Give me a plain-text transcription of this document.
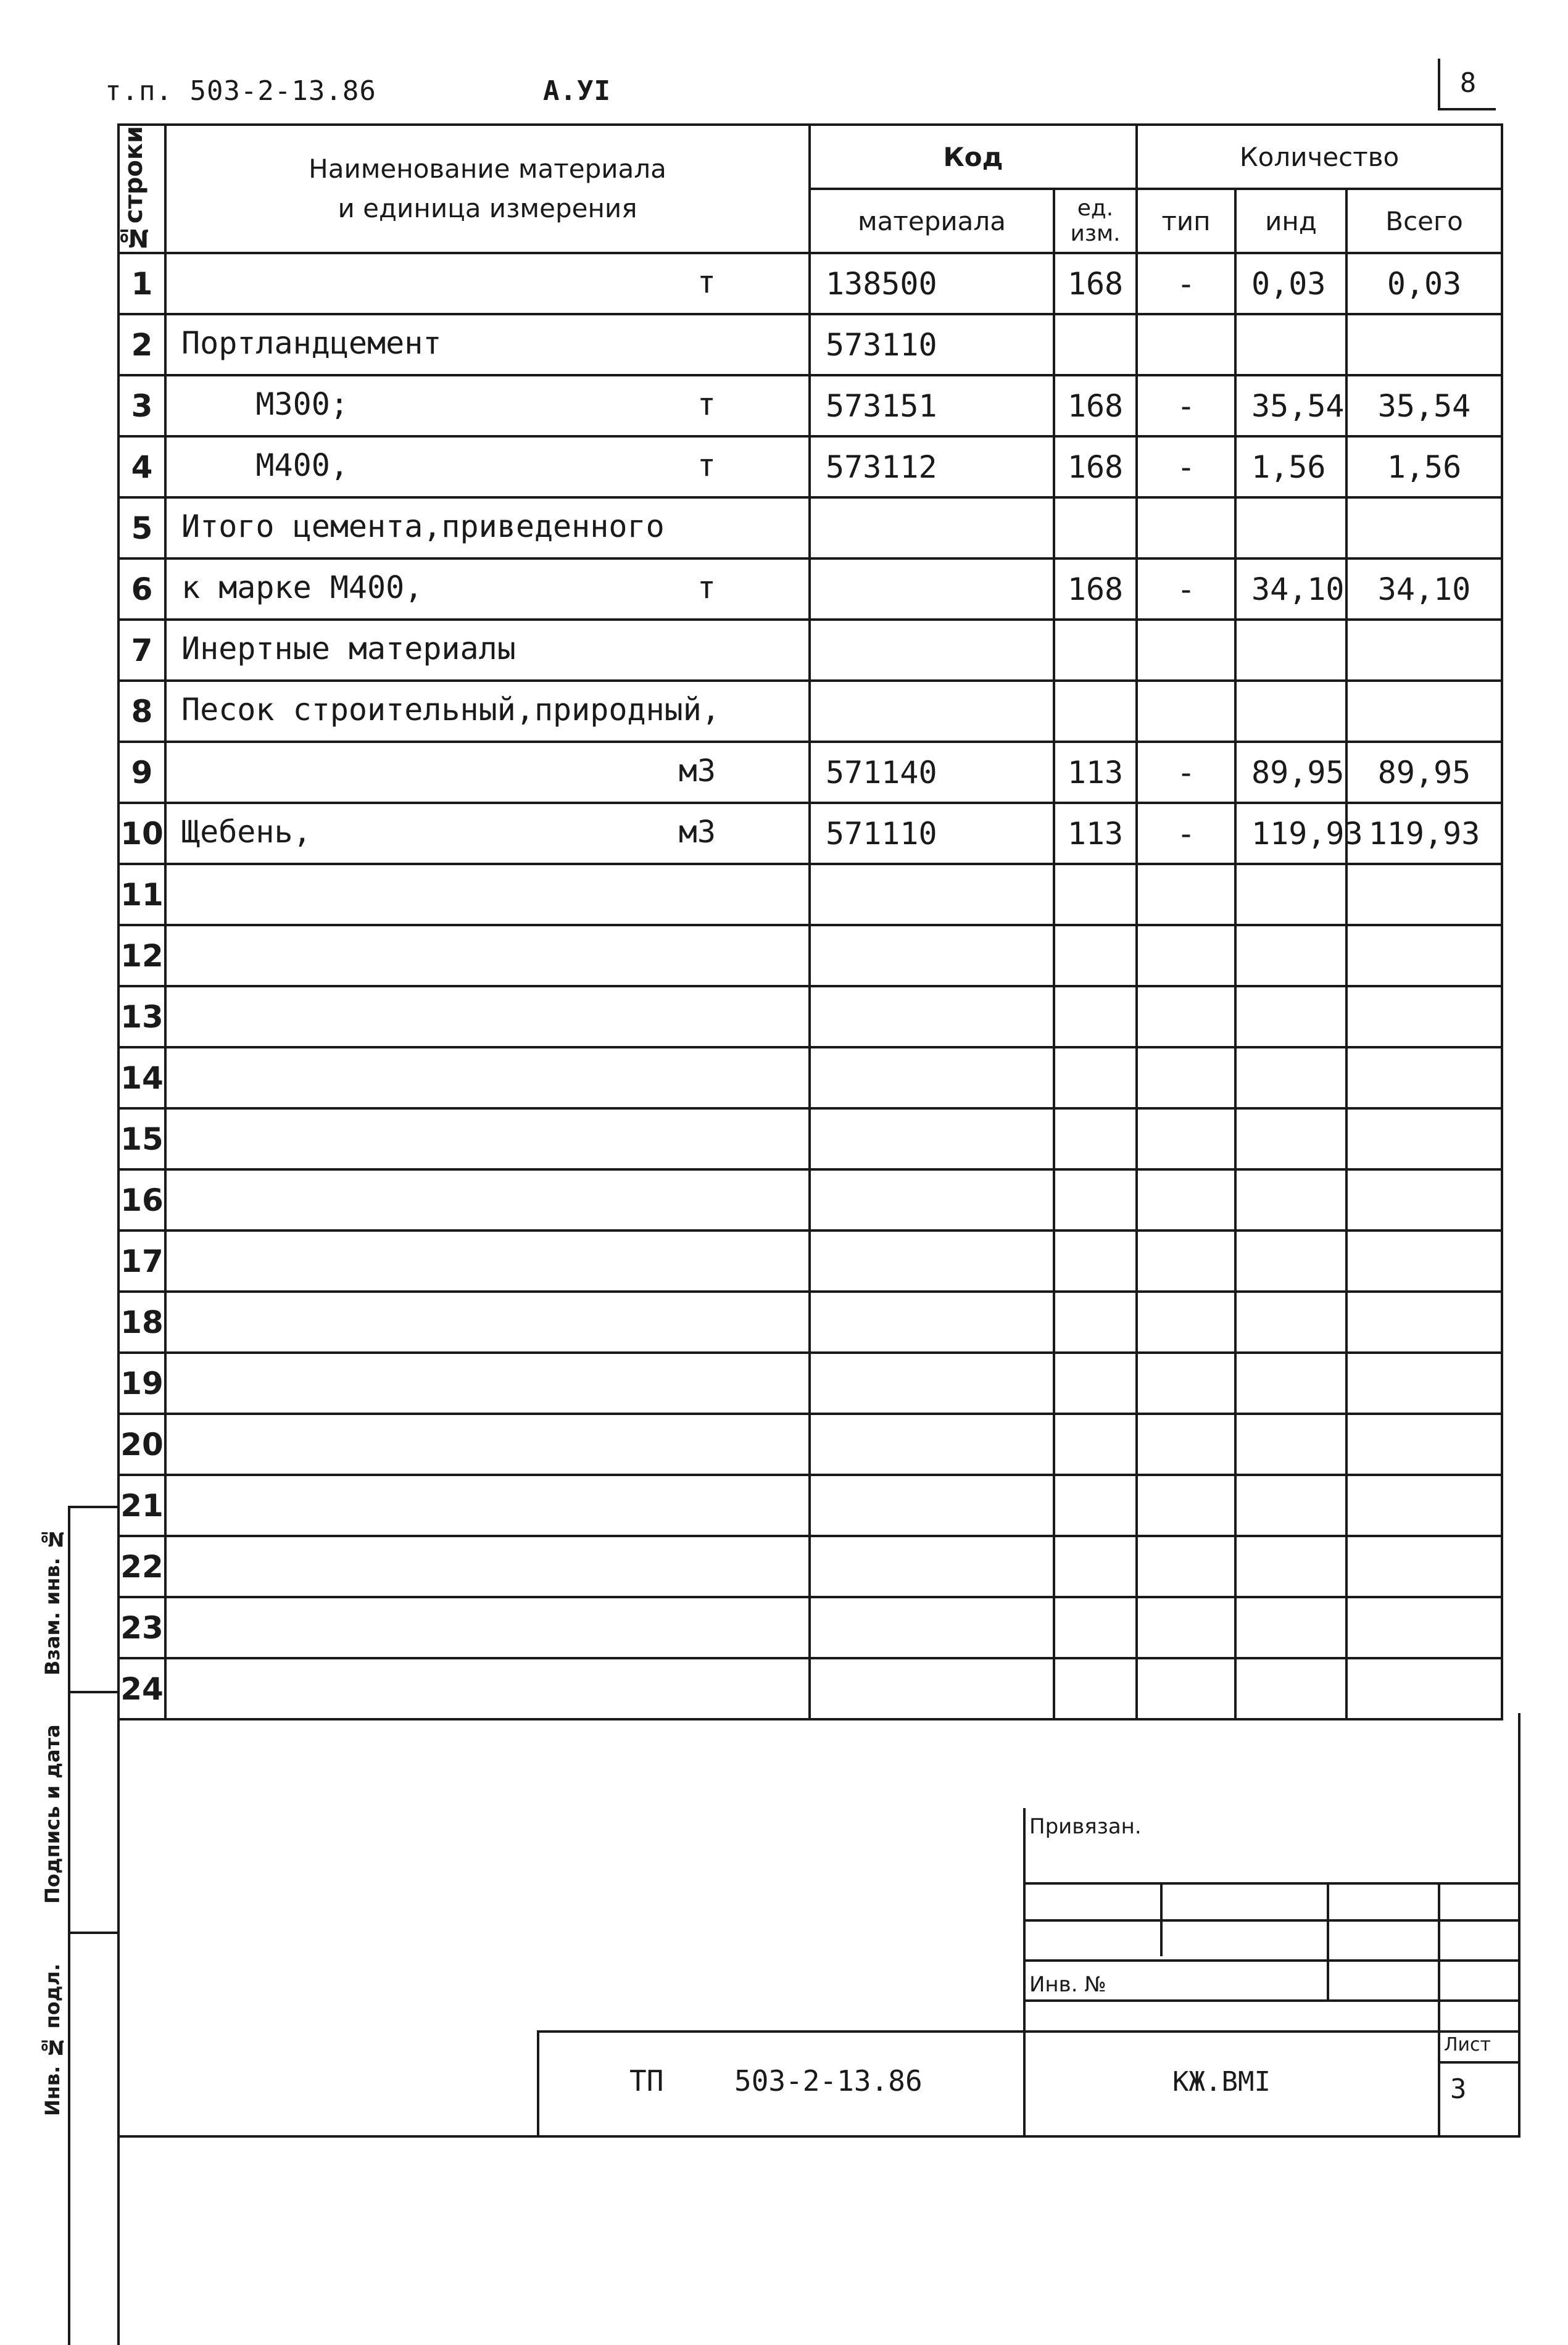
т.п. 503-2-13.86	А.УI	8
№строки	Наименование материала
и единица измерения	Код		Количество		
		материала	ед. изм.	тип	инд	Всего
1	т	138500	168	-	0,03	0,03
2	Портландцемент	573110				
3	М300; т	573151	168	-	35,54	35,54
4	М400, т	573112	168	-	1,56	1,56
5	Итого цемента,приведенного					

6	к марке М400, т		168	-	34,10	34,10
7	Инертные материалы					

8	Песок строительный,природный,					

9	м3	571140	113	-	89,95	89,95
10	Щебень, м3	571110	113	-	119,93	119,93
11	

12	

13	

14	

15	

16	

17	

18	

19	

20	

21	

22	

23	

24	

Взам. инв. №
Подпись и дата
Инв. № подл.
Привязан.
Инв. №
ТП 503-2-13.86	КЖ.ВМI
Лист
3
